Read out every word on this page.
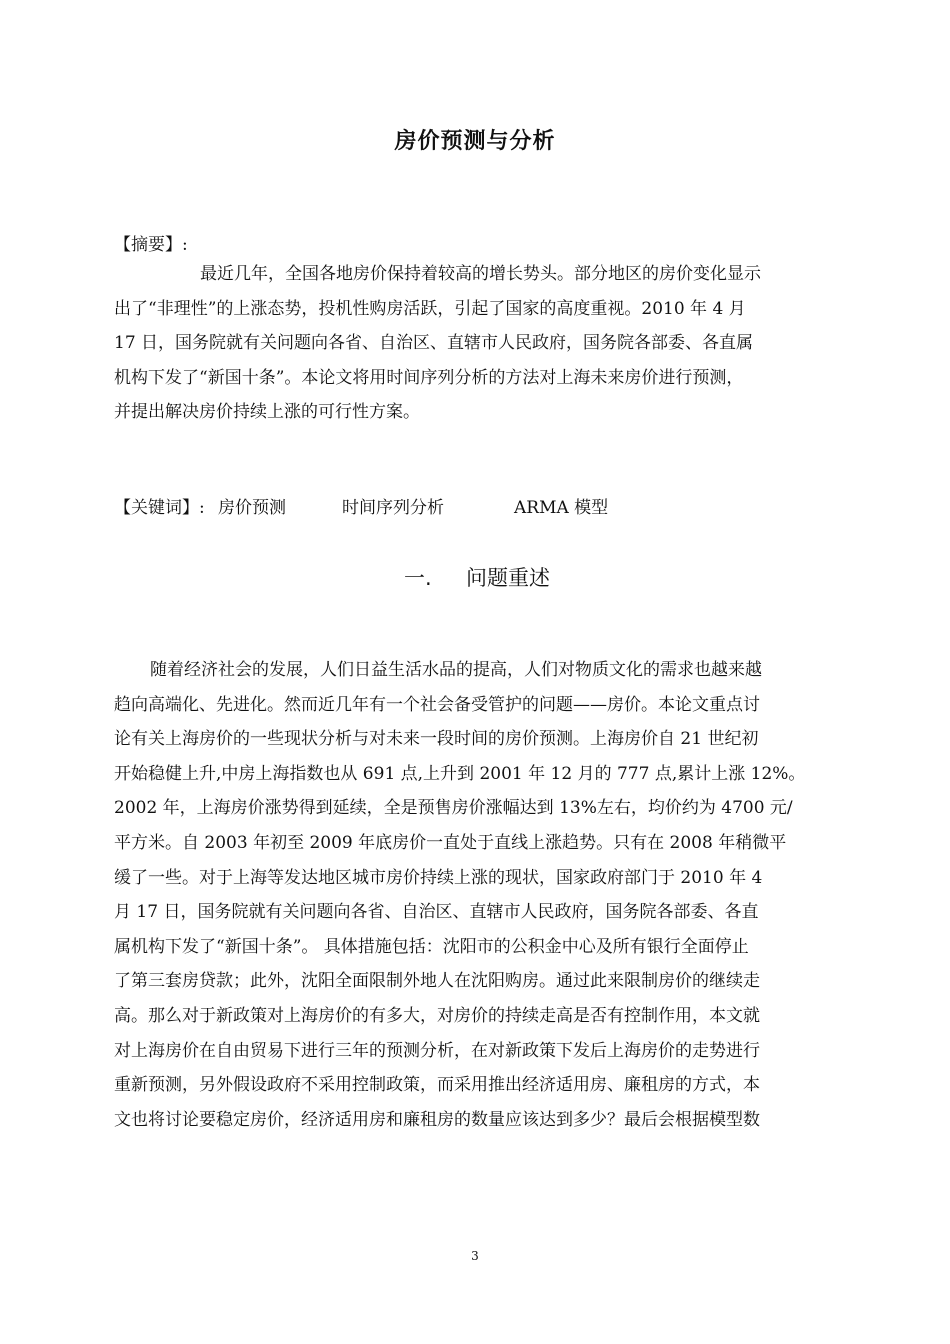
房价预测与分析
【摘要】:
最近几年，全国各地房价保持着较高的增长势头。部分地区的房价变化显示
出了“非理性”的上涨态势，投机性购房活跃，引起了国家的高度重视。2010 年 4 月
17 日，国务院就有关问题向各省、自治区、直辖市人民政府，国务院各部委、各直属
机构下发了“新国十条”。本论文将用时间序列分析的方法对上海未来房价进行预测，
并提出解决房价持续上涨的可行性方案。
【关键词】: 房价预测	时间序列分析	ARMA 模型
一. 问题重述
随着经济社会的发展，人们日益生活水品的提高，人们对物质文化的需求也越来越
趋向高端化、先进化。然而近几年有一个社会备受管护的问题——房价。本论文重点讨
论有关上海房价的一些现状分析与对未来一段时间的房价预测。上海房价自 21 世纪初
开始稳健上升,中房上海指数也从 691 点,上升到 2001 年 12 月的 777 点,累计上涨 12%。
2002 年，上海房价涨势得到延续，全是预售房价涨幅达到 13%左右，均价约为 4700 元/
平方米。自 2003 年初至 2009 年底房价一直处于直线上涨趋势。只有在 2008 年稍微平
缓了一些。对于上海等发达地区城市房价持续上涨的现状，国家政府部门于 2010 年 4
月 17 日，国务院就有关问题向各省、自治区、直辖市人民政府，国务院各部委、各直
属机构下发了“新国十条”。 具体措施包括：沈阳市的公积金中心及所有银行全面停止
了第三套房贷款；此外，沈阳全面限制外地人在沈阳购房。通过此来限制房价的继续走
高。那么对于新政策对上海房价的有多大，对房价的持续走高是否有控制作用，本文就
对上海房价在自由贸易下进行三年的预测分析，在对新政策下发后上海房价的走势进行
重新预测，另外假设政府不采用控制政策，而采用推出经济适用房、廉租房的方式，本
文也将讨论要稳定房价，经济适用房和廉租房的数量应该达到多少？最后会根据模型数
3
